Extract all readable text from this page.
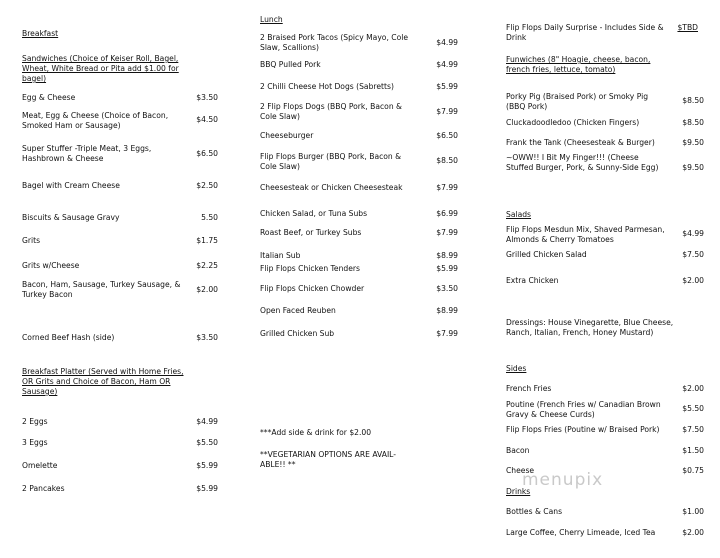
Breakfast
Sandwiches (Choice of Keiser Roll, Bagel, Wheat, White Bread or Pita add $1.00 for bagel)
Egg & Cheese	$3.50
Meat, Egg & Cheese (Choice of Bacon, Smoked Ham or Sausage)
$4.50
Super Stuffer -Triple Meat, 3 Eggs, Hashbrown & Cheese
$6.50
Bagel with Cream Cheese	$2.50
Biscuits & Sausage Gravy	5.50
Grits	$1.75
Grits w/Cheese	$2.25
Bacon, Ham, Sausage, Turkey Sausage, & Turkey Bacon
$2.00
Corned Beef Hash (side)	$3.50
Breakfast Platter (Served with Home Fries, OR Grits and Choice of Bacon, Ham OR Sausage)
2 Eggs	$4.99
3 Eggs	$5.50
Omelette	$5.99
2 Pancakes	$5.99
Lunch
2 Braised Pork Tacos (Spicy Mayo, Cole Slaw, Scallions)
$4.99
BBQ Pulled Pork	$4.99
2 Chilli Cheese Hot Dogs (Sabretts)	$5.99
2 Flip Flops Dogs (BBQ Pork, Bacon & Cole Slaw)
$7.99
Cheeseburger	$6.50
Flip Flops Burger (BBQ Pork, Bacon & Cole Slaw)
$8.50
Cheesesteak or Chicken Cheesesteak	$7.99
Chicken Salad, or Tuna Subs	$6.99
Roast Beef, or Turkey Subs	$7.99
Italian Sub	$8.99
Flip Flops Chicken Tenders	$5.99
Flip Flops Chicken Chowder	$3.50
Open Faced Reuben	$8.99
Grilled Chicken Sub	$7.99
***Add side & drink for $2.00
**VEGETARIAN OPTIONS ARE AVAIL-ABLE!! **
Flip Flops Daily Surprise - Includes Side & Drink
$TBD
Funwiches (8" Hoagie, cheese, bacon, french fries, lettuce, tomato)
Porky Pig (Braised Pork) or Smoky Pig (BBQ Pork)
$8.50
Cluckadoodledoo (Chicken Fingers)	$8.50
Frank the Tank (Cheesesteak & Burger)	$9.50
~OWW!! I Bit My Finger!!! (Cheese Stuffed Burger, Pork, & Sunny-Side Egg)	$9.50
Salads
Flip Flops Mesdun Mix, Shaved Parmesan, Almonds & Cherry Tomatoes
$4.99
Grilled Chicken Salad	$7.50
Extra Chicken	$2.00
Dressings: House Vinegarette, Blue Cheese, Ranch, Italian, French, Honey Mustard)
Sides
French Fries	$2.00
Poutine (French Fries w/ Canadian Brown Gravy & Cheese Curds)
$5.50
Flip Flops Fries (Poutine w/ Braised Pork)	$7.50
Bacon	$1.50
Cheese	$0.75
Drinks
Bottles & Cans	$1.00
Large Coffee, Cherry Limeade, Iced Tea	$2.00
menupix
